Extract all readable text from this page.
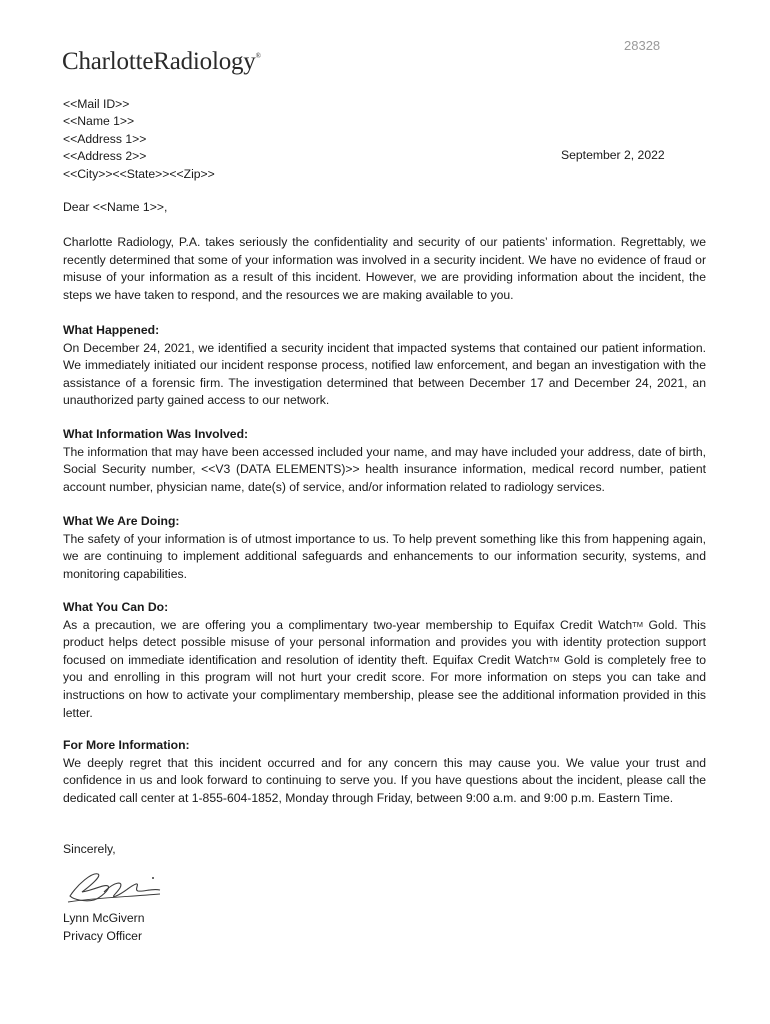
28328
CharlotteRadiology®
<<Mail ID>>
<<Name 1>>
<<Address 1>>
<<Address 2>>
<<City>><<State>><<Zip>>
September 2, 2022
Dear <<Name 1>>,

Charlotte Radiology, P.A. takes seriously the confidentiality and security of our patients’ information. Regrettably, we recently determined that some of your information was involved in a security incident. We have no evidence of fraud or misuse of your information as a result of this incident. However, we are providing information about the incident, the steps we have taken to respond, and the resources we are making available to you.

What Happened:

On December 24, 2021, we identified a security incident that impacted systems that contained our patient information. We immediately initiated our incident response process, notified law enforcement, and began an investigation with the assistance of a forensic firm. The investigation determined that between December 17 and December 24, 2021, an unauthorized party gained access to our network.

What Information Was Involved:

The information that may have been accessed included your name, and may have included your address, date of birth, Social Security number, <<V3 (DATA ELEMENTS)>> health insurance information, medical record number, patient account number, physician name, date(s) of service, and/or information related to radiology services.

What We Are Doing:

The safety of your information is of utmost importance to us. To help prevent something like this from happening again, we are continuing to implement additional safeguards and enhancements to our information security, systems, and monitoring capabilities.

What You Can Do:

As a precaution, we are offering you a complimentary two-year membership to Equifax Credit Watch™ Gold. This product helps detect possible misuse of your personal information and provides you with identity protection support focused on immediate identification and resolution of identity theft. Equifax Credit Watch™ Gold is completely free to you and enrolling in this program will not hurt your credit score. For more information on steps you can take and instructions on how to activate your complimentary membership, please see the additional information provided in this letter.

For More Information:

We deeply regret that this incident occurred and for any concern this may cause you. We value your trust and confidence in us and look forward to continuing to serve you. If you have questions about the incident, please call the dedicated call center at 1-855-604-1852, Monday through Friday, between 9:00 a.m. and 9:00 p.m. Eastern Time.

Sincerely,
Lynn McGivern
Privacy Officer
